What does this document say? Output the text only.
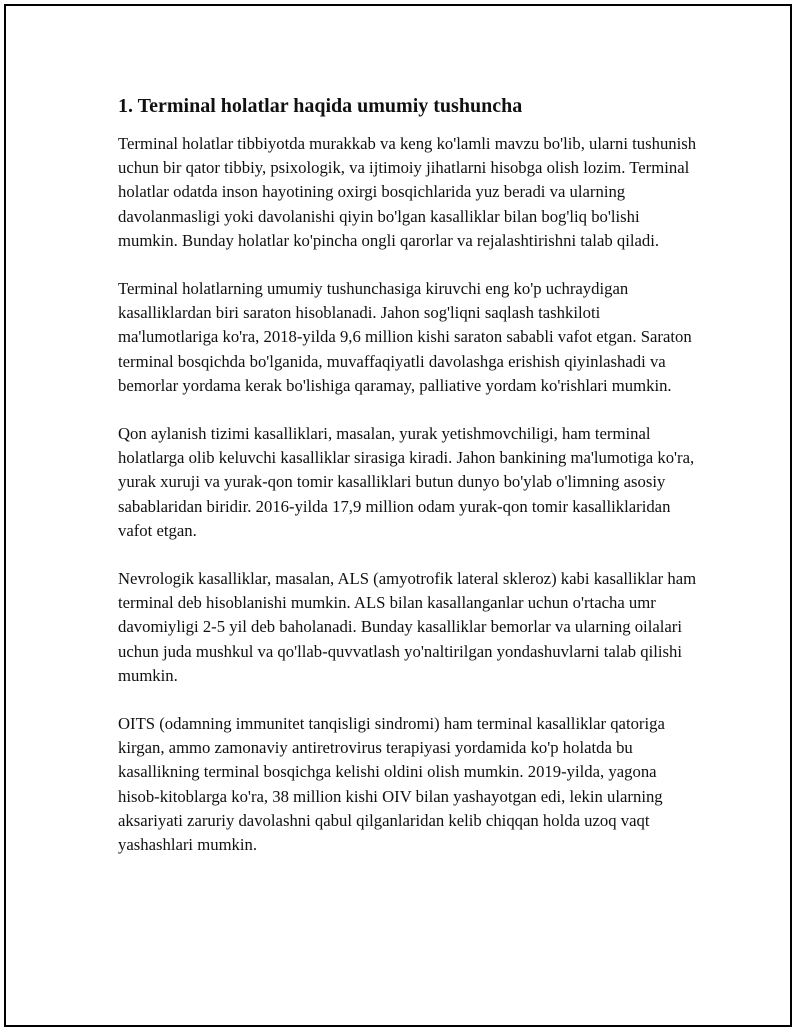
1. Terminal holatlar haqida umumiy tushuncha

Terminal holatlar tibbiyotda murakkab va keng ko'lamli mavzu bo'lib, ularni tushunish uchun bir qator tibbiy, psixologik, va ijtimoiy jihatlarni hisobga olish lozim. Terminal holatlar odatda inson hayotining oxirgi bosqichlarida yuz beradi va ularning davolanmasligi yoki davolanishi qiyin bo'lgan kasalliklar bilan bog'liq bo'lishi mumkin. Bunday holatlar ko'pincha ongli qarorlar va rejalashtirishni talab qiladi.

Terminal holatlarning umumiy tushunchasiga kiruvchi eng ko'p uchraydigan kasalliklardan biri saraton hisoblanadi. Jahon sog'liqni saqlash tashkiloti ma'lumotlariga ko'ra, 2018-yilda 9,6 million kishi saraton sababli vafot etgan. Saraton terminal bosqichda bo'lganida, muvaffaqiyatli davolashga erishish qiyinlashadi va bemorlar yordama kerak bo'lishiga qaramay, palliative yordam ko'rishlari mumkin.

Qon aylanish tizimi kasalliklari, masalan, yurak yetishmovchiligi, ham terminal holatlarga olib keluvchi kasalliklar sirasiga kiradi. Jahon bankining ma'lumotiga ko'ra, yurak xuruji va yurak-qon tomir kasalliklari butun dunyo bo'ylab o'limning asosiy sabablaridan biridir. 2016-yilda 17,9 million odam yurak-qon tomir kasalliklaridan vafot etgan.

Nevrologik kasalliklar, masalan, ALS (amyotrofik lateral skleroz) kabi kasalliklar ham terminal deb hisoblanishi mumkin. ALS bilan kasallanganlar uchun o'rtacha umr davomiyligi 2-5 yil deb baholanadi. Bunday kasalliklar bemorlar va ularning oilalari uchun juda mushkul va qo'llab-quvvatlash yo'naltirilgan yondashuvlarni talab qilishi mumkin.

OITS (odamning immunitet tanqisligi sindromi) ham terminal kasalliklar qatoriga kirgan, ammo zamonaviy antiretrovirus terapiyasi yordamida ko'p holatda bu kasallikning terminal bosqichga kelishi oldini olish mumkin. 2019-yilda, yagona hisob-kitoblarga ko'ra, 38 million kishi OIV bilan yashayotgan edi, lekin ularning aksariyati zaruriy davolashni qabul qilganlaridan kelib chiqqan holda uzoq vaqt yashashlari mumkin.
